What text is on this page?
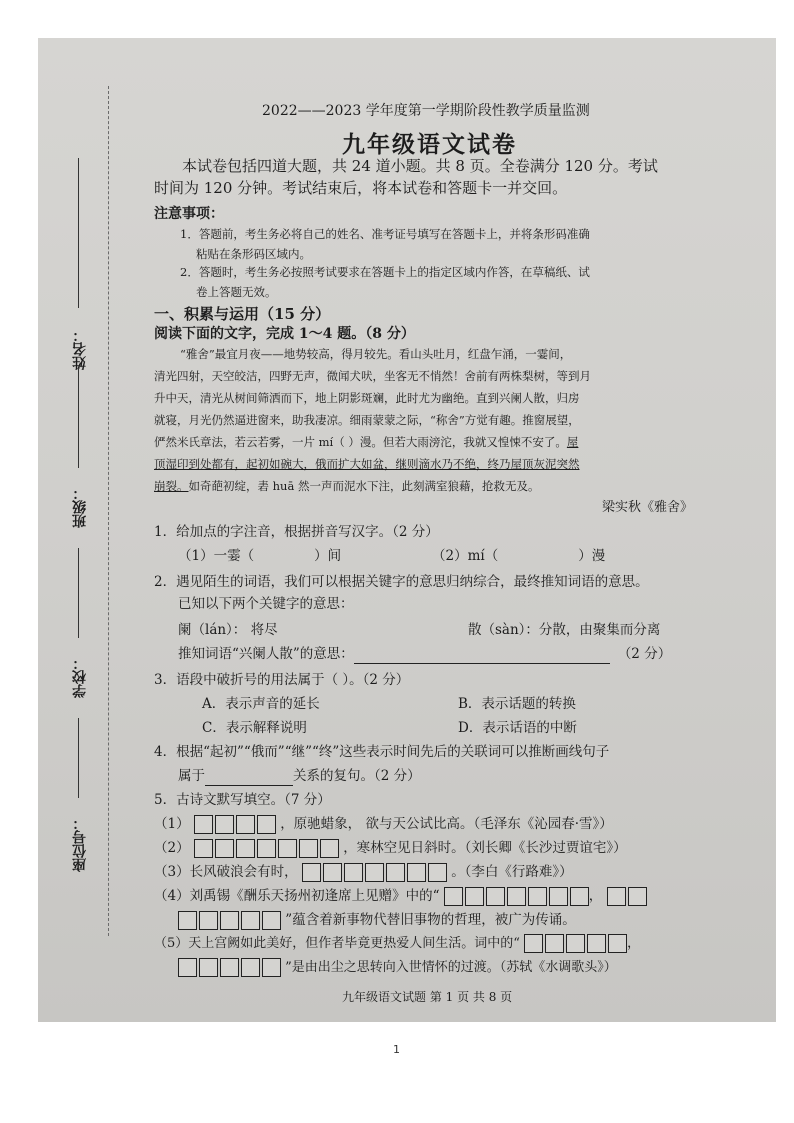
姓名：
班级：
学校：
座位号：
2022——2023 学年度第一学期阶段性教学质量监测
九年级语文试卷
本试卷包括四道大题，共 24 道小题。共 8 页。全卷满分 120 分。考试
时间为 120 分钟。考试结束后，将本试卷和答题卡一并交回。
注意事项：
1．答题前，考生务必将自己的姓名、准考证号填写在答题卡上，并将条形码准确
粘贴在条形码区域内。
2．答题时，考生务必按照考试要求在答题卡上的指定区域内作答，在草稿纸、试
卷上答题无效。
一、积累与运用（15 分）
阅读下面的文字，完成 1～4 题。（8 分）
“雅舍”最宜月夜——地势较高，得月较先。看山头吐月，红盘乍涌，一霎间，
清光四射，天空皎洁，四野无声，微闻犬吠，坐客无不悄然！舍前有两株梨树，等到月
升中天，清光从树间筛洒而下，地上阴影斑斓，此时尤为幽绝。直到兴阑人散，归房
就寝，月光仍然逼进窗来，助我凄凉。细雨蒙蒙之际，“称舍”方觉有趣。推窗展望，
俨然米氏章法，若云若雾，一片 mí（ ）漫。但若大雨滂沱，我就又惶悚不安了。屋
顶湿印到处都有，起初如碗大，俄而扩大如盆，继则滴水乃不绝，终乃屋顶灰泥突然
崩裂。如奇葩初绽，砉 huā 然一声而泥水下注，此刻满室狼藉，抢救无及。
梁实秋《雅舍》
1．给加点的字注音，根据拼音写汉字。（2 分）
（1）一霎（	）间	（2）mí（	）漫
2．遇见陌生的词语，我们可以根据关键字的意思归纳综合，最终推知词语的意思。
已知以下两个关键字的意思：
阑（lán）： 将尽	散（sàn）：分散，由聚集而分离
推知词语“兴阑人散”的意思：	（2 分）
3．语段中破折号的用法属于（ ）。（2 分）
A．表示声音的延长	B．表示话题的转换
C．表示解释说明	D．表示话语的中断
4．根据“起初”“俄而”“继”“终”这些表示时间先后的关联词可以推断画线句子
属于	关系的复句。（2 分）
5．古诗文默写填空。（7 分）
（1）	，原驰蜡象， 欲与天公试比高。（毛泽东《沁园春·雪》）
（2）	，寒林空见日斜时。（刘长卿《长沙过贾谊宅》）
（3）长风破浪会有时，	。（李白《行路难》）
（4）刘禹锡《酬乐天扬州初逢席上见赠》中的“	，
”蕴含着新事物代替旧事物的哲理，被广为传诵。
（5）天上宫阙如此美好，但作者毕竟更热爱人间生活。词中的“	，
”是由出尘之思转向入世情怀的过渡。（苏轼《水调歌头》）
九年级语文试题 第 1 页 共 8 页
1
